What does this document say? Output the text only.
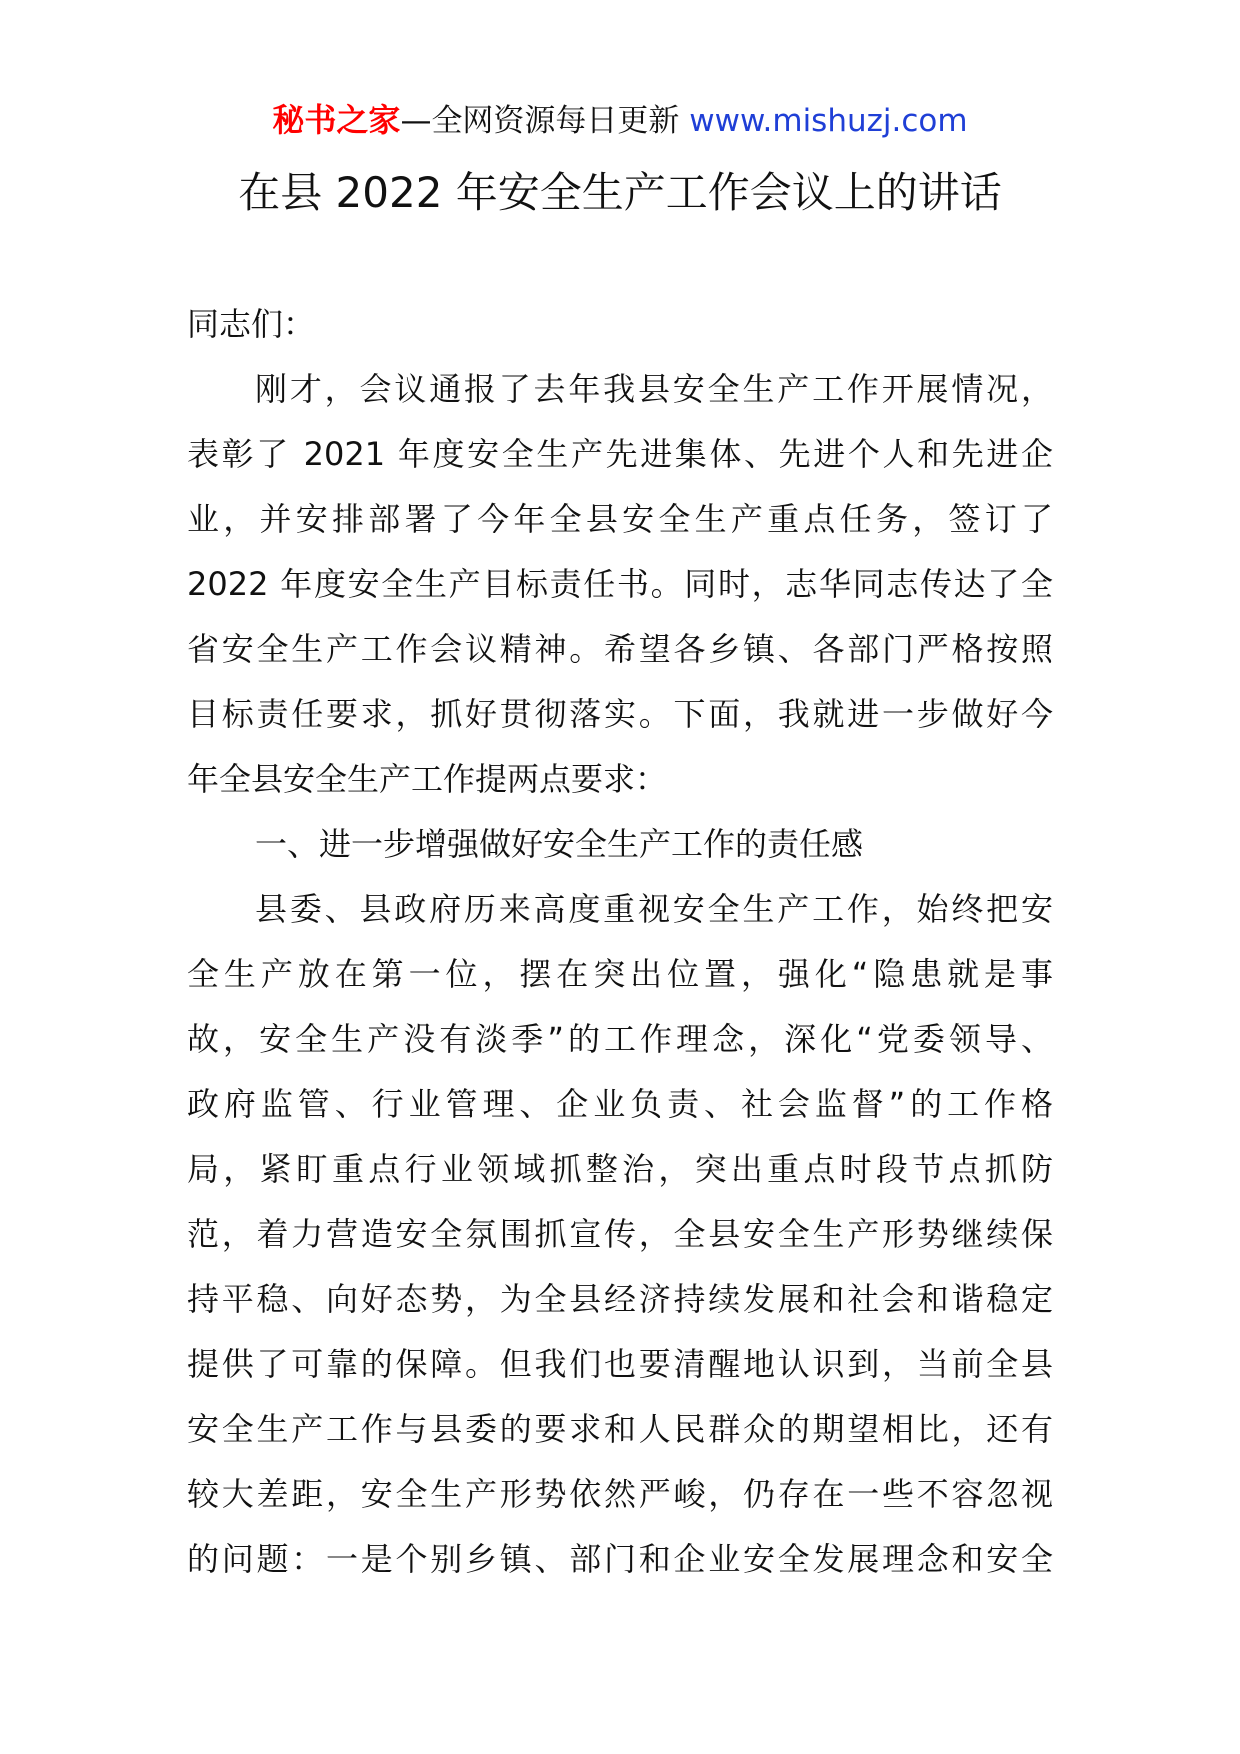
秘书之家—全网资源每日更新 www.mishuzj.com
在县 2022 年安全生产工作会议上的讲话
同志们：
刚才，会议通报了去年我县安全生产工作开展情况，
表彰了 2021 年度安全生产先进集体、先进个人和先进企
业，并安排部署了今年全县安全生产重点任务，签订了
2022 年度安全生产目标责任书。同时，志华同志传达了全
省安全生产工作会议精神。希望各乡镇、各部门严格按照
目标责任要求，抓好贯彻落实。下面，我就进一步做好今
年全县安全生产工作提两点要求：
一、进一步增强做好安全生产工作的责任感
县委、县政府历来高度重视安全生产工作，始终把安
全生产放在第一位，摆在突出位置，强化“隐患就是事
故，安全生产没有淡季”的工作理念，深化“党委领导、
政府监管、行业管理、企业负责、社会监督”的工作格
局，紧盯重点行业领域抓整治，突出重点时段节点抓防
范，着力营造安全氛围抓宣传，全县安全生产形势继续保
持平稳、向好态势，为全县经济持续发展和社会和谐稳定
提供了可靠的保障。但我们也要清醒地认识到，当前全县
安全生产工作与县委的要求和人民群众的期望相比，还有
较大差距，安全生产形势依然严峻，仍存在一些不容忽视
的问题：一是个别乡镇、部门和企业安全发展理念和安全
